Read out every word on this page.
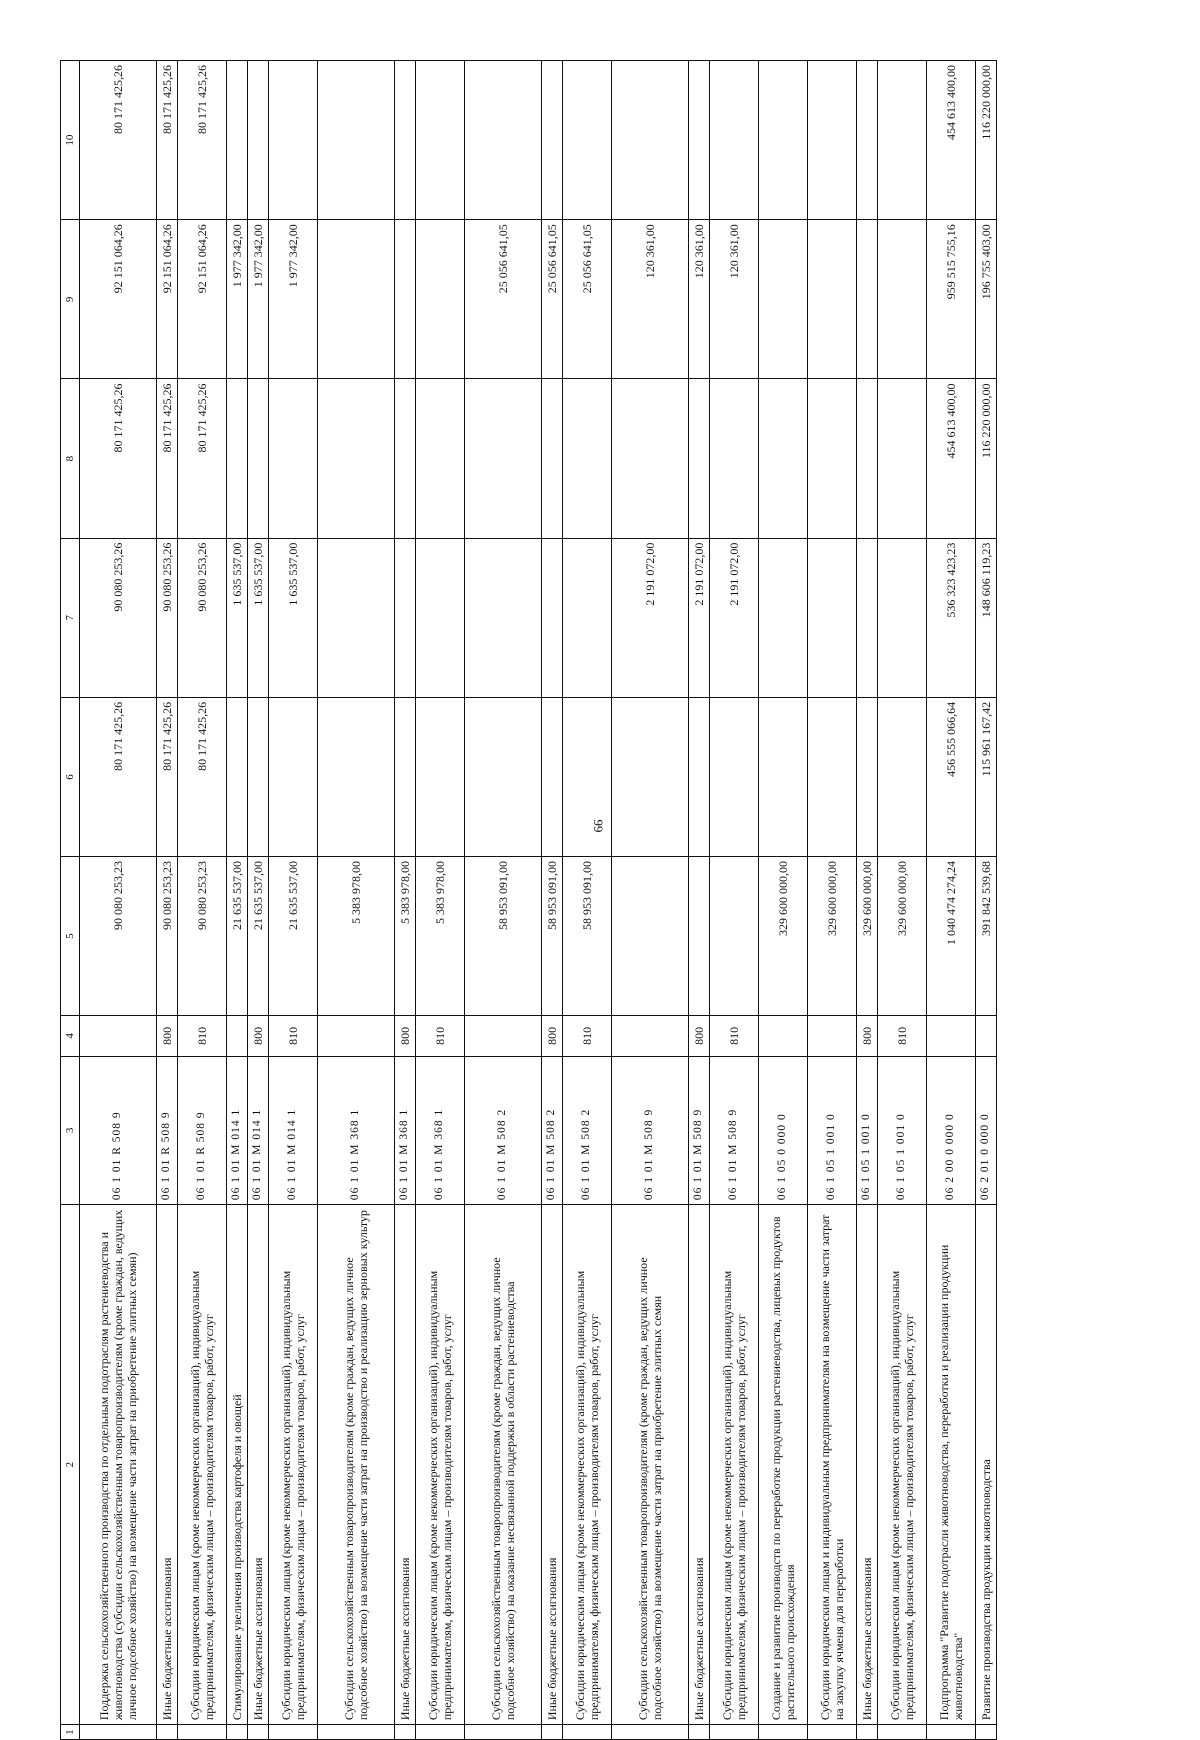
66
1	2	3	4	5	6	7	8	9	10
	Поддержка сельскохозяйственного производства по отдельным подотраслям растениеводства и животноводства (субсидии сельскохозяйственным товаропроизводителям (кроме граждан, ведущих личное подсобное хозяйство) на возмещение части затрат на приобретение элитных семян)	06 1 01 R 508 9		90 080 253,23	80 171 425,26	90 080 253,26	80 171 425,26	92 151 064,26	80 171 425,26
	Иные бюджетные ассигнования	06 1 01 R 508 9	800	90 080 253,23	80 171 425,26	90 080 253,26	80 171 425,26	92 151 064,26	80 171 425,26
	Субсидии юридическим лицам (кроме некоммерческих организаций), индивидуальным предпринимателям, физическим лицам – производителям товаров, работ, услуг	06 1 01 R 508 9	810	90 080 253,23	80 171 425,26	90 080 253,26	80 171 425,26	92 151 064,26	80 171 425,26
	Стимулирование увеличения производства картофеля и овощей	06 1 01 M 014 1		21 635 537,00		1 635 537,00		1 977 342,00	
	Иные бюджетные ассигнования	06 1 01 M 014 1	800	21 635 537,00		1 635 537,00		1 977 342,00	
	Субсидии юридическим лицам (кроме некоммерческих организаций), индивидуальным предпринимателям, физическим лицам – производителям товаров, работ, услуг	06 1 01 M 014 1	810	21 635 537,00		1 635 537,00		1 977 342,00	
	Субсидии сельскохозяйственным товаропроизводителям (кроме граждан, ведущих личное подсобное хозяйство) на возмещение части затрат на производство и реализацию зерновых культур	06 1 01 M 368 1		5 383 978,00					
	Иные бюджетные ассигнования	06 1 01 M 368 1	800	5 383 978,00					
	Субсидии юридическим лицам (кроме некоммерческих организаций), индивидуальным предпринимателям, физическим лицам – производителям товаров, работ, услуг	06 1 01 M 368 1	810	5 383 978,00					
	Субсидии сельскохозяйственным товаропроизводителям (кроме граждан, ведущих личное подсобное хозяйство) на оказание несвязанной поддержки в области растениеводства	06 1 01 M 508 2		58 953 091,00				25 056 641,05	
	Иные бюджетные ассигнования	06 1 01 M 508 2	800	58 953 091,00				25 056 641,05	
	Субсидии юридическим лицам (кроме некоммерческих организаций), индивидуальным предпринимателям, физическим лицам – производителям товаров, работ, услуг	06 1 01 M 508 2	810	58 953 091,00				25 056 641,05	
	Субсидии сельскохозяйственным товаропроизводителям (кроме граждан, ведущих личное подсобное хозяйство) на возмещение части затрат на приобретение элитных семян	06 1 01 M 508 9				2 191 072,00		120 361,00	
	Иные бюджетные ассигнования	06 1 01 M 508 9	800			2 191 072,00		120 361,00	
	Субсидии юридическим лицам (кроме некоммерческих организаций), индивидуальным предпринимателям, физическим лицам – производителям товаров, работ, услуг	06 1 01 M 508 9	810			2 191 072,00		120 361,00	
	Создание и развитие производств по переработке продукции растениеводства, лицевых продуктов растительного происхождения	06 1 05 0 000 0		329 600 000,00					
	Субсидии юридическим лицам и индивидуальным предпринимателям на возмещение части затрат на закупку ячменя для переработки	06 1 05 1 001 0		329 600 000,00					
	Иные бюджетные ассигнования	06 1 05 1 001 0	800	329 600 000,00					
	Субсидии юридическим лицам (кроме некоммерческих организаций), индивидуальным предпринимателям, физическим лицам – производителям товаров, работ, услуг	06 1 05 1 001 0	810	329 600 000,00					
	Подпрограмма "Развитие подотрасли животноводства, переработки и реализации продукции животноводства"	06 2 00 0 000 0		1 040 474 274,24	456 555 066,64	536 323 423,23	454 613 400,00	959 515 755,16	454 613 400,00
	Развитие производства продукции животноводства	06 2 01 0 000 0		391 842 539,68	115 961 167,42	148 606 119,23	116 220 000,00	196 755 403,00	116 220 000,00
